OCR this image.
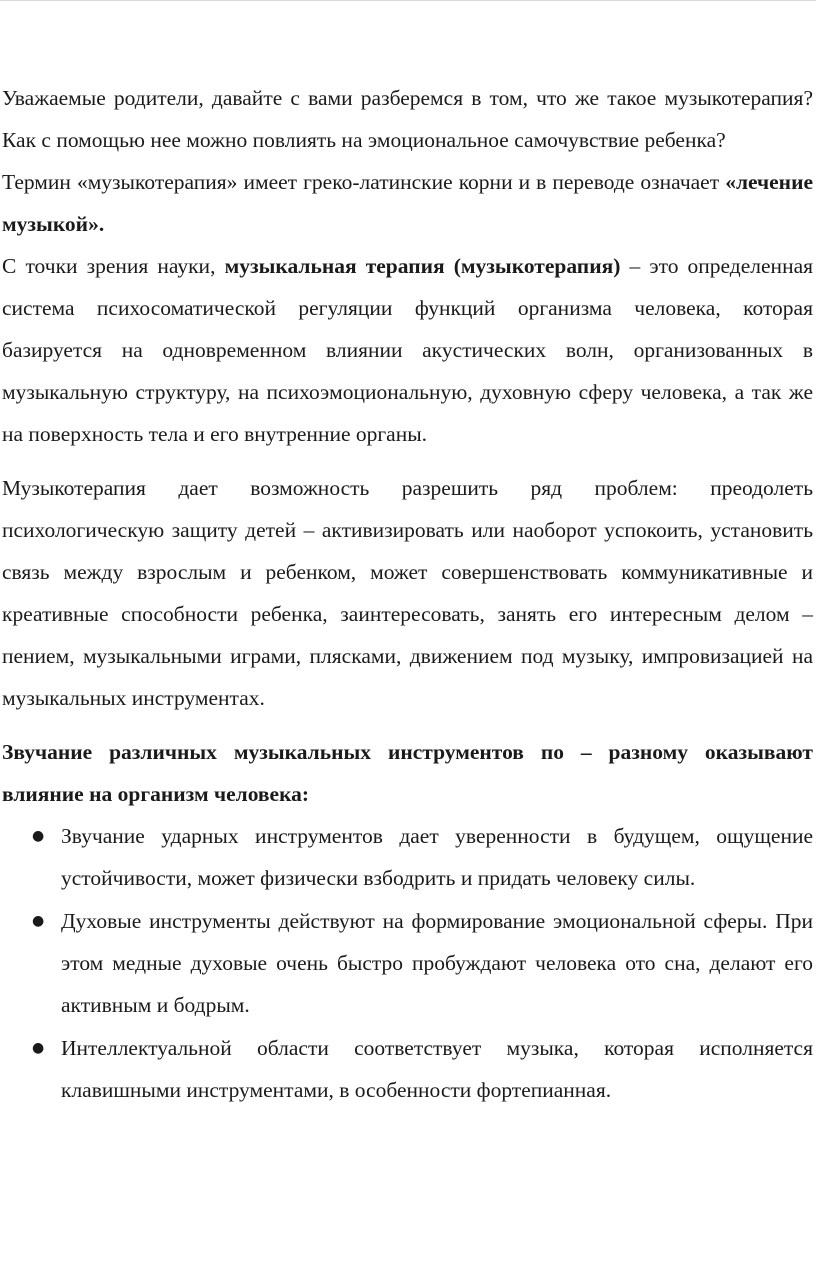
Уважаемые родители, давайте с вами разберемся в том, что же такое музыкотерапия? Как с помощью нее можно повлиять на эмоциональное самочувствие ребенка?

Термин «музыкотерапия» имеет греко-латинские корни и в переводе означает «лечение музыкой».

С точки зрения науки, музыкальная терапия (музыкотерапия) – это определенная система психосоматической регуляции функций организма человека, которая базируется на одновременном влиянии акустических волн, организованных в музыкальную структуру, на психоэмоциональную, духовную сферу человека, а так же на поверхность тела и его внутренние органы.

Музыкотерапия дает возможность разрешить ряд проблем: преодолеть психологическую защиту детей – активизировать или наоборот успокоить, установить связь между взрослым и ребенком, может совершенствовать коммуникативные и креативные способности ребенка, заинтересовать, занять его интересным делом – пением, музыкальными играми, плясками, движением под музыку, импровизацией на музыкальных инструментах.

Звучание различных музыкальных инструментов по – разному оказывают влияние на организм человека:

● Звучание ударных инструментов дает уверенности в будущем, ощущение устойчивости, может физически взбодрить и придать человеку силы.
● Духовые инструменты действуют на формирование эмоциональной сферы. При этом медные духовые очень быстро пробуждают человека ото сна, делают его активным и бодрым.
● Интеллектуальной области соответствует музыка, которая исполняется клавишными инструментами, в особенности фортепианная.
